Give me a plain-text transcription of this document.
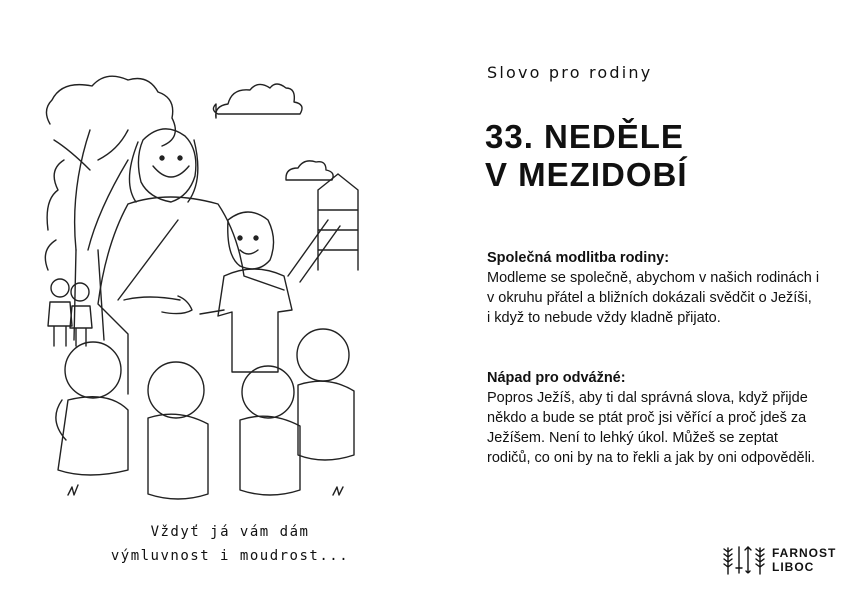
Vždyť já vám dám
výmluvnost i moudrost...
Slovo pro rodiny
33. NEDĚLE
V MEZIDOBÍ
Společná modlitba rodiny:
Modleme se společně, abychom v našich rodinách i
v okruhu přátel a bližních dokázali svědčit o Ježíši,
i když to nebude vždy kladně přijato.
Nápad pro odvážné:
Popros Ježíš, aby ti dal správná slova, když přijde
někdo a bude se ptát proč jsi věřící a proč jdeš za
Ježíšem. Není to lehký úkol. Můžeš se zeptat
rodičů, co oni by na to řekli a jak by oni odpověděli.
FARNOST
LIBOC
